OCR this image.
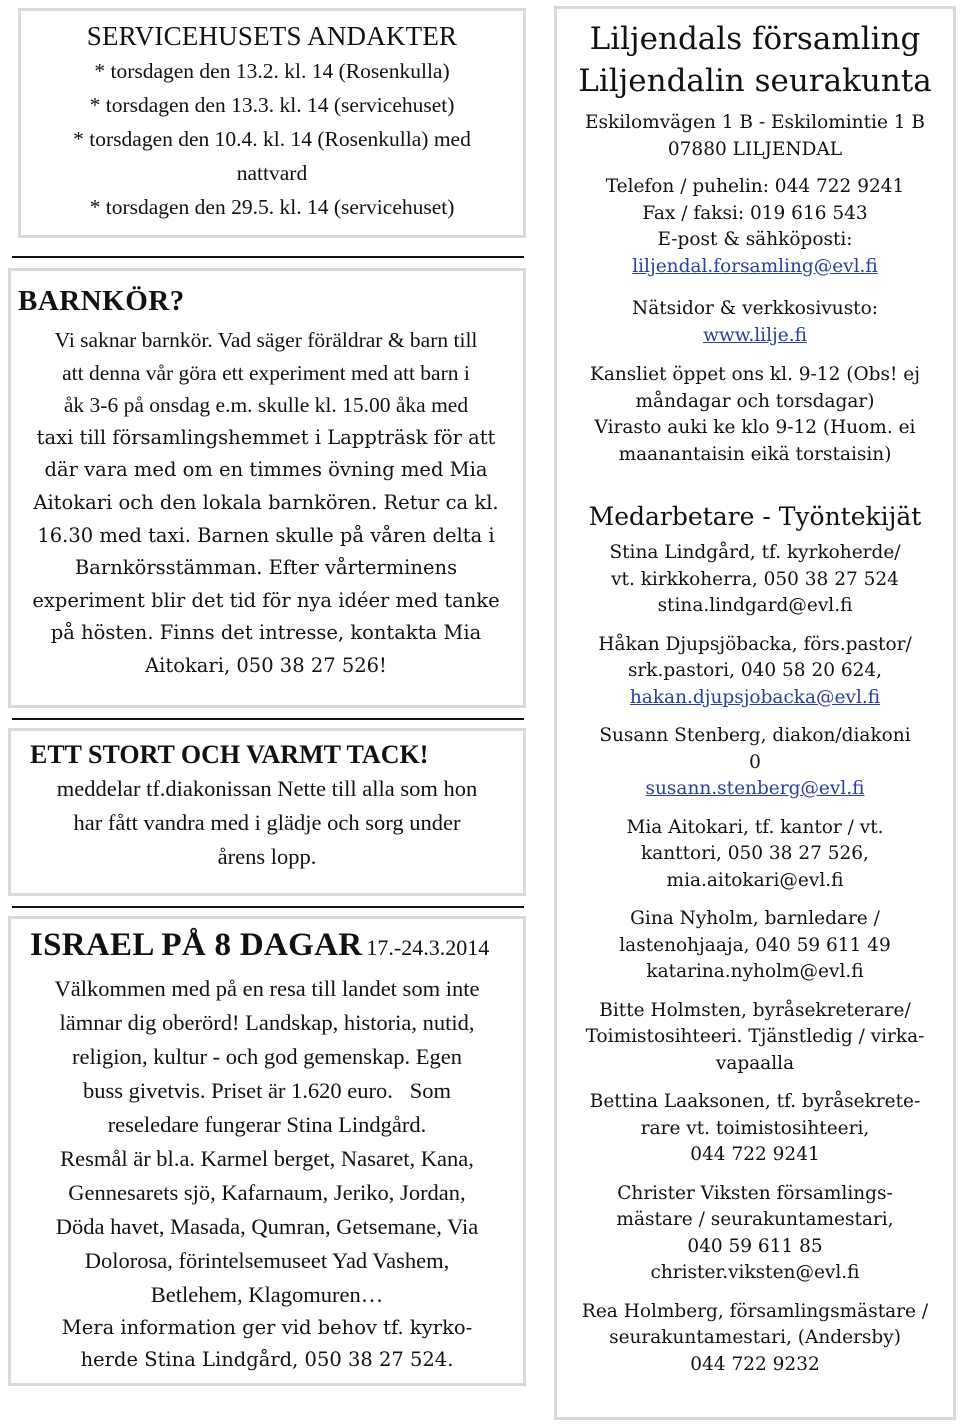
SERVICEHUSETS ANDAKTER
* torsdagen den 13.2. kl. 14 (Rosenkulla)
* torsdagen den 13.3. kl. 14 (servicehuset)
* torsdagen den 10.4. kl. 14 (Rosenkulla) med
nattvard
* torsdagen den 29.5. kl. 14 (servicehuset)
BARNKÖR?
Vi saknar barnkör. Vad säger föräldrar & barn till
att denna vår göra ett experiment med att barn i
åk 3-6 på onsdag e.m. skulle kl. 15.00 åka med
taxi till församlingshemmet i Lappträsk för att
där vara med om en timmes övning med Mia
Aitokari och den lokala barnkören. Retur ca kl.
16.30 med taxi. Barnen skulle på våren delta i
Barnkörsstämman. Efter vårterminens
experiment blir det tid för nya idéer med tanke
på hösten. Finns det intresse, kontakta Mia
Aitokari, 050 38 27 526!
ETT STORT OCH VARMT TACK!
meddelar tf.diakonissan Nette till alla som hon
har fått vandra med i glädje och sorg under
årens lopp.
ISRAEL PÅ 8 DAGAR 17.-24.3.2014
Välkommen med på en resa till landet som inte
lämnar dig oberörd! Landskap, historia, nutid,
religion, kultur - och god gemenskap. Egen
buss givetvis. Priset är 1.620 euro.   Som
reseledare fungerar Stina Lindgård.
Resmål är bl.a. Karmel berget, Nasaret, Kana,
Gennesarets sjö, Kafarnaum, Jeriko, Jordan,
Döda havet, Masada, Qumran, Getsemane, Via
Dolorosa, förintelsemuseet Yad Vashem,
Betlehem, Klagomuren…
Mera information ger vid behov tf. kyrko-
herde Stina Lindgård, 050 38 27 524.
Liljendals församling
Liljendalin seurakunta
Eskilomvägen 1 B - Eskilomintie 1 B
07880 LILJENDAL
Telefon / puhelin: 044 722 9241
Fax / faksi: 019 616 543
E-post & sähköposti:
liljendal.forsamling@evl.fi
Nätsidor & verkkosivusto:
www.lilje.fi
Kansliet öppet ons kl. 9-12 (Obs! ej
måndagar och torsdagar)
Virasto auki ke klo 9-12 (Huom. ei
maanantaisin eikä torstaisin)
Medarbetare - Työntekijät
Stina Lindgård, tf. kyrkoherde/
vt. kirkkoherra, 050 38 27 524
stina.lindgard@evl.fi
Håkan Djupsjöbacka, förs.pastor/
srk.pastori, 040 58 20 624,
hakan.djupsjobacka@evl.fi
Susann Stenberg, diakon/diakoni
0
susann.stenberg@evl.fi
Mia Aitokari, tf. kantor / vt.
kanttori, 050 38 27 526,
mia.aitokari@evl.fi
Gina Nyholm, barnledare /
lastenohjaaja, 040 59 611 49
katarina.nyholm@evl.fi
Bitte Holmsten, byråsekreterare/
Toimistosihteeri. Tjänstledig / virka-
vapaalla
Bettina Laaksonen, tf. byråsekrete-
rare vt. toimistosihteeri,
044 722 9241
Christer Viksten församlings-
mästare / seurakuntamestari,
040 59 611 85
christer.viksten@evl.fi
Rea Holmberg, församlingsmästare /
seurakuntamestari, (Andersby)
044 722 9232
